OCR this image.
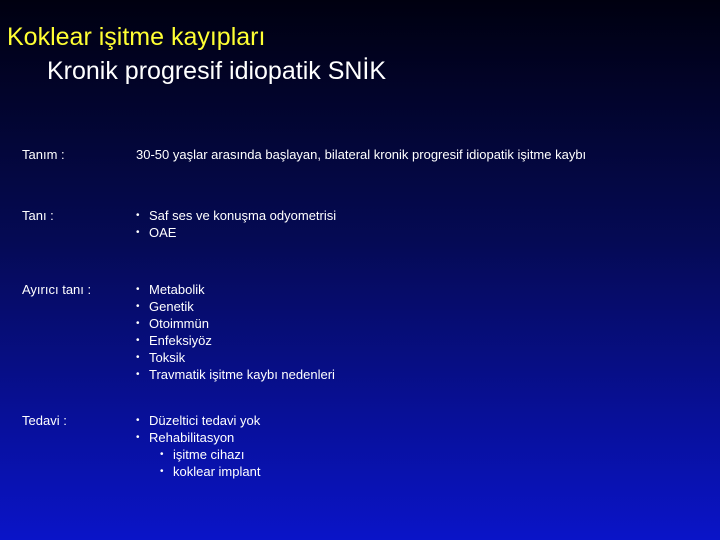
Koklear işitme kayıpları
Kronik progresif idiopatik SNİK
Tanım :	30-50 yaşlar arasında başlayan, bilateral kronik progresif idiopatik işitme kaybı
Tanı :	• Saf ses ve konuşma odyometrisi
• OAE
Ayırıcı tanı :	• Metabolik
• Genetik
• Otoimmün
• Enfeksiyöz
• Toksik
• Travmatik işitme kaybı nedenleri
Tedavi :	• Düzeltici tedavi yok
• Rehabilitasyon
• işitme cihazı
• koklear implant
